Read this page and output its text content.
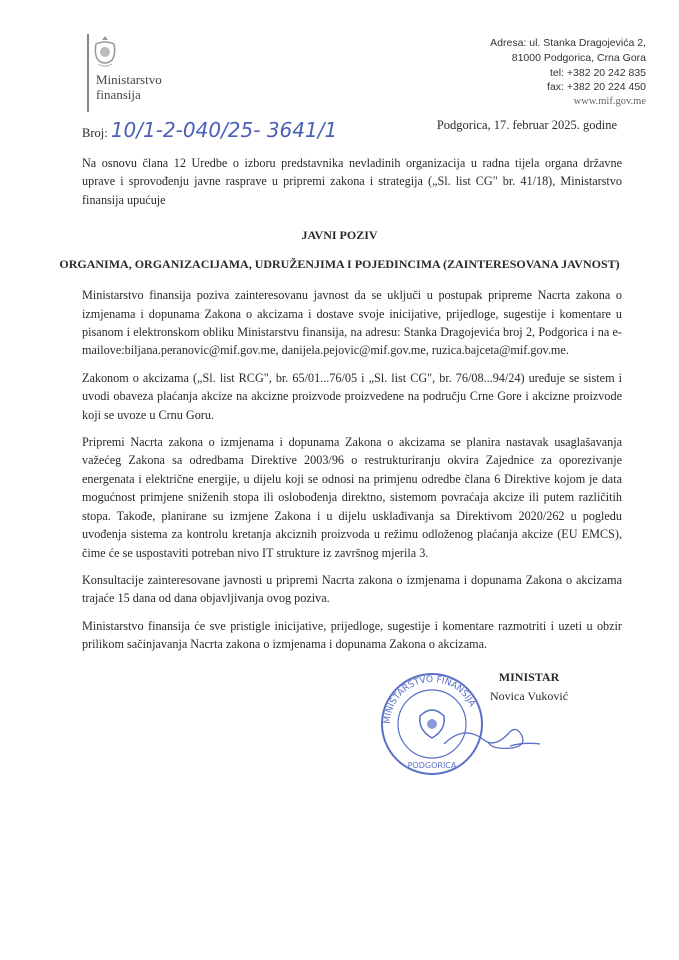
Ministarstvo
finansija
Adresa: ul. Stanka Dragojevića 2,
81000 Podgorica, Crna Gora
tel: +382 20 242 835
fax: +382 20 224 450
www.mif.gov.me
Broj: 10/1-2-040/25- 3641/1	Podgorica, 17. februar 2025. godine
Na osnovu člana 12 Uredbe o izboru predstavnika nevladinih organizacija u radna tijela organa državne uprave i sprovođenju javne rasprave u pripremi zakona i strategija („Sl. list CG" br. 41/18), Ministarstvo finansija upućuje
JAVNI POZIV
ORGANIMA, ORGANIZACIJAMA, UDRUŽENJIMA I POJEDINCIMA (ZAINTERESOVANA JAVNOST)
Ministarstvo finansija poziva zainteresovanu javnost da se uključi u postupak pripreme Nacrta zakona o izmjenama i dopunama Zakona o akcizama i dostave svoje inicijative, prijedloge, sugestije i komentare u pisanom i elektronskom obliku Ministarstvu finansija, na adresu: Stanka Dragojevića broj 2, Podgorica i na e-mailove:biljana.peranovic@mif.gov.me, danijela.pejovic@mif.gov.me, ruzica.bajceta@mif.gov.me.
Zakonom o akcizama („Sl. list RCG", br. 65/01...76/05 i „Sl. list CG", br. 76/08...94/24) uređuje se sistem i uvodi obaveza plaćanja akcize na akcizne proizvode proizvedene na području Crne Gore i akcizne proizvode koji se uvoze u Crnu Goru.
Pripremi Nacrta zakona o izmjenama i dopunama Zakona o akcizama se planira nastavak usaglašavanja važećeg Zakona sa odredbama Direktive 2003/96 o restrukturiranju okvira Zajednice za oporezivanje energenata i električne energije, u dijelu koji se odnosi na primjenu odredbe člana 6 Direktive kojom je data mogućnost primjene sniženih stopa ili oslobođenja direktno, sistemom povraćaja akcize ili putem različitih stopa. Takođe, planirane su izmjene Zakona i u dijelu usklađivanja sa Direktivom 2020/262 u pogledu uvođenja sistema za kontrolu kretanja akciznih proizvoda u režimu odloženog plaćanja akcize (EU EMCS), čime će se uspostaviti potreban nivo IT strukture iz završnog mjerila 3.
Konsultacije zainteresovane javnosti u pripremi Nacrta zakona o izmjenama i dopunama Zakona o akcizama trajaće 15 dana od dana objavljivanja ovog poziva.
Ministarstvo finansija će sve pristigle inicijative, prijedloge, sugestije i komentare razmotriti i uzeti u obzir prilikom sačinjavanja Nacrta zakona o izmjenama i dopunama Zakona o akcizama.
MINISTARSTVO FINANSIJA
PODGORICA
MINISTAR
Novica Vuković
